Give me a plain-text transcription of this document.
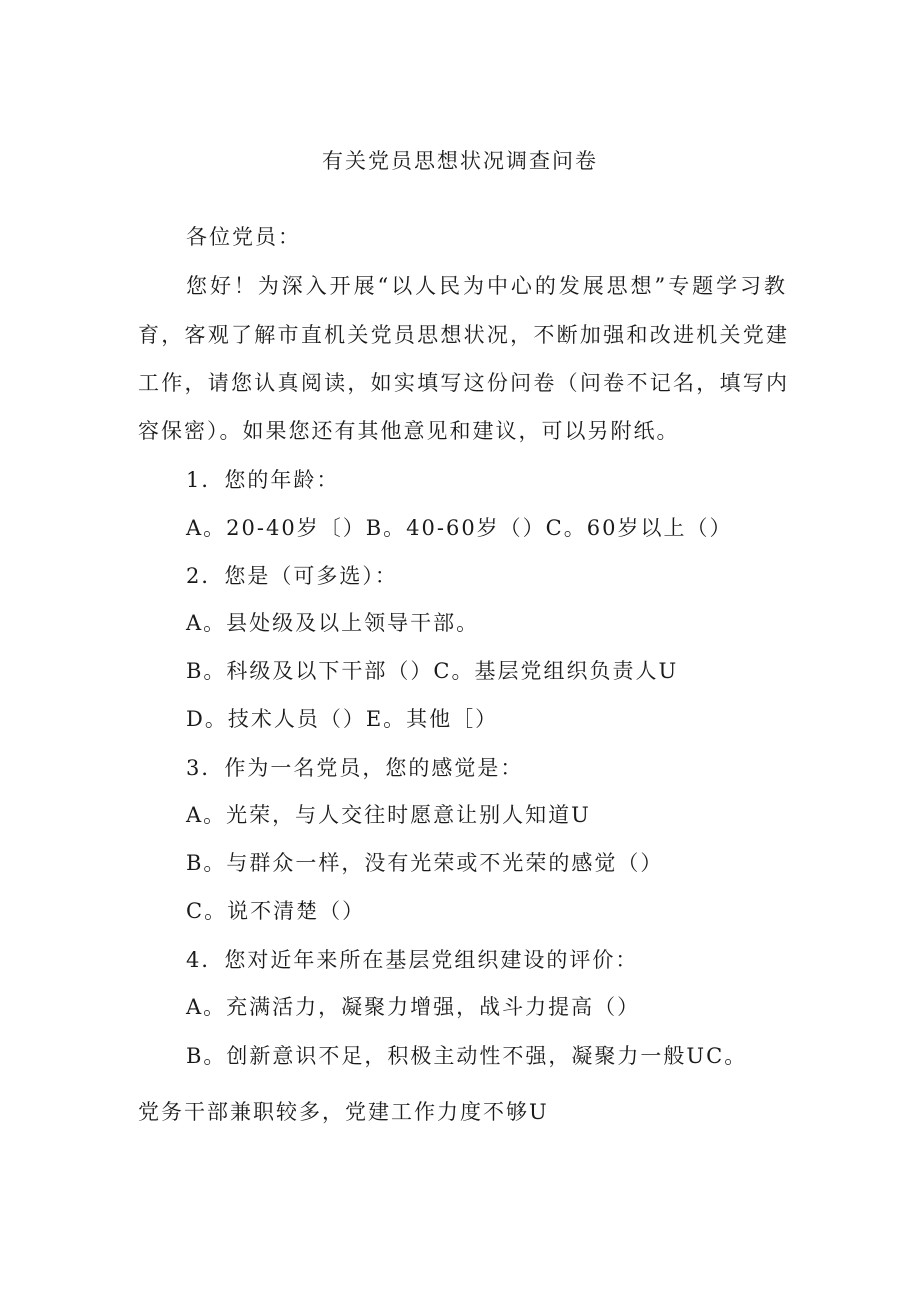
有关党员思想状况调查问卷
各位党员：
您好！为深入开展“以人民为中心的发展思想”专题学习教
育，客观了解市直机关党员思想状况，不断加强和改进机关党建
工作，请您认真阅读，如实填写这份问卷（问卷不记名，填写内
容保密）。如果您还有其他意见和建议，可以另附纸。
1．您的年龄：
A。20-40岁〔）B。40-60岁（）C。60岁以上（）
2．您是（可多选）：
A。县处级及以上领导干部。
B。科级及以下干部（）C。基层党组织负责人U
D。技术人员（）E。其他［）
3．作为一名党员，您的感觉是：
A。光荣，与人交往时愿意让别人知道U
B。与群众一样，没有光荣或不光荣的感觉（）
C。说不清楚（）
4．您对近年来所在基层党组织建设的评价：
A。充满活力，凝聚力增强，战斗力提高（）
B。创新意识不足，积极主动性不强，凝聚力一般UC。
党务干部兼职较多，党建工作力度不够U
